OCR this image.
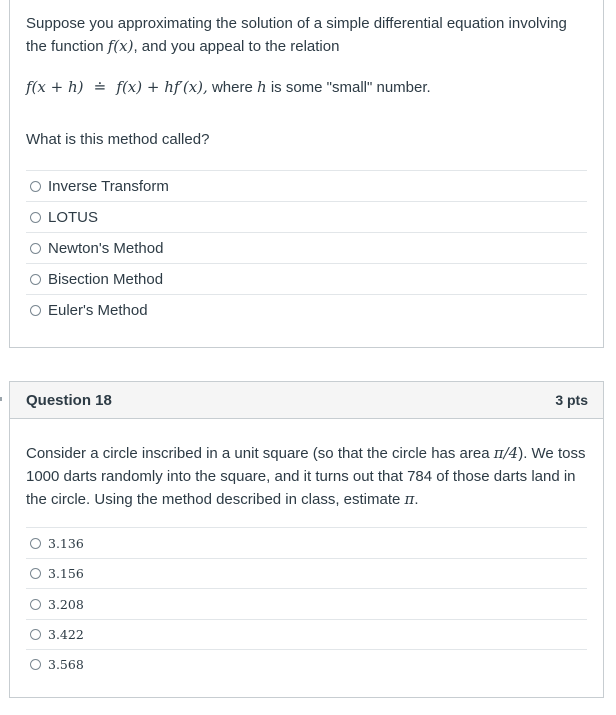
Suppose you approximating the solution of a simple differential equation involving the function f(x), and you appeal to the relation
f(x + h) ≐ f(x) + hf′(x), where h is some "small" number.
What is this method called?
Inverse Transform
LOTUS
Newton's Method
Bisection Method
Euler's Method
Question 18	3 pts
Consider a circle inscribed in a unit square (so that the circle has area π/4). We toss 1000 darts randomly into the square, and it turns out that 784 of those darts land in the circle. Using the method described in class, estimate π.
3.136
3.156
3.208
3.422
3.568
